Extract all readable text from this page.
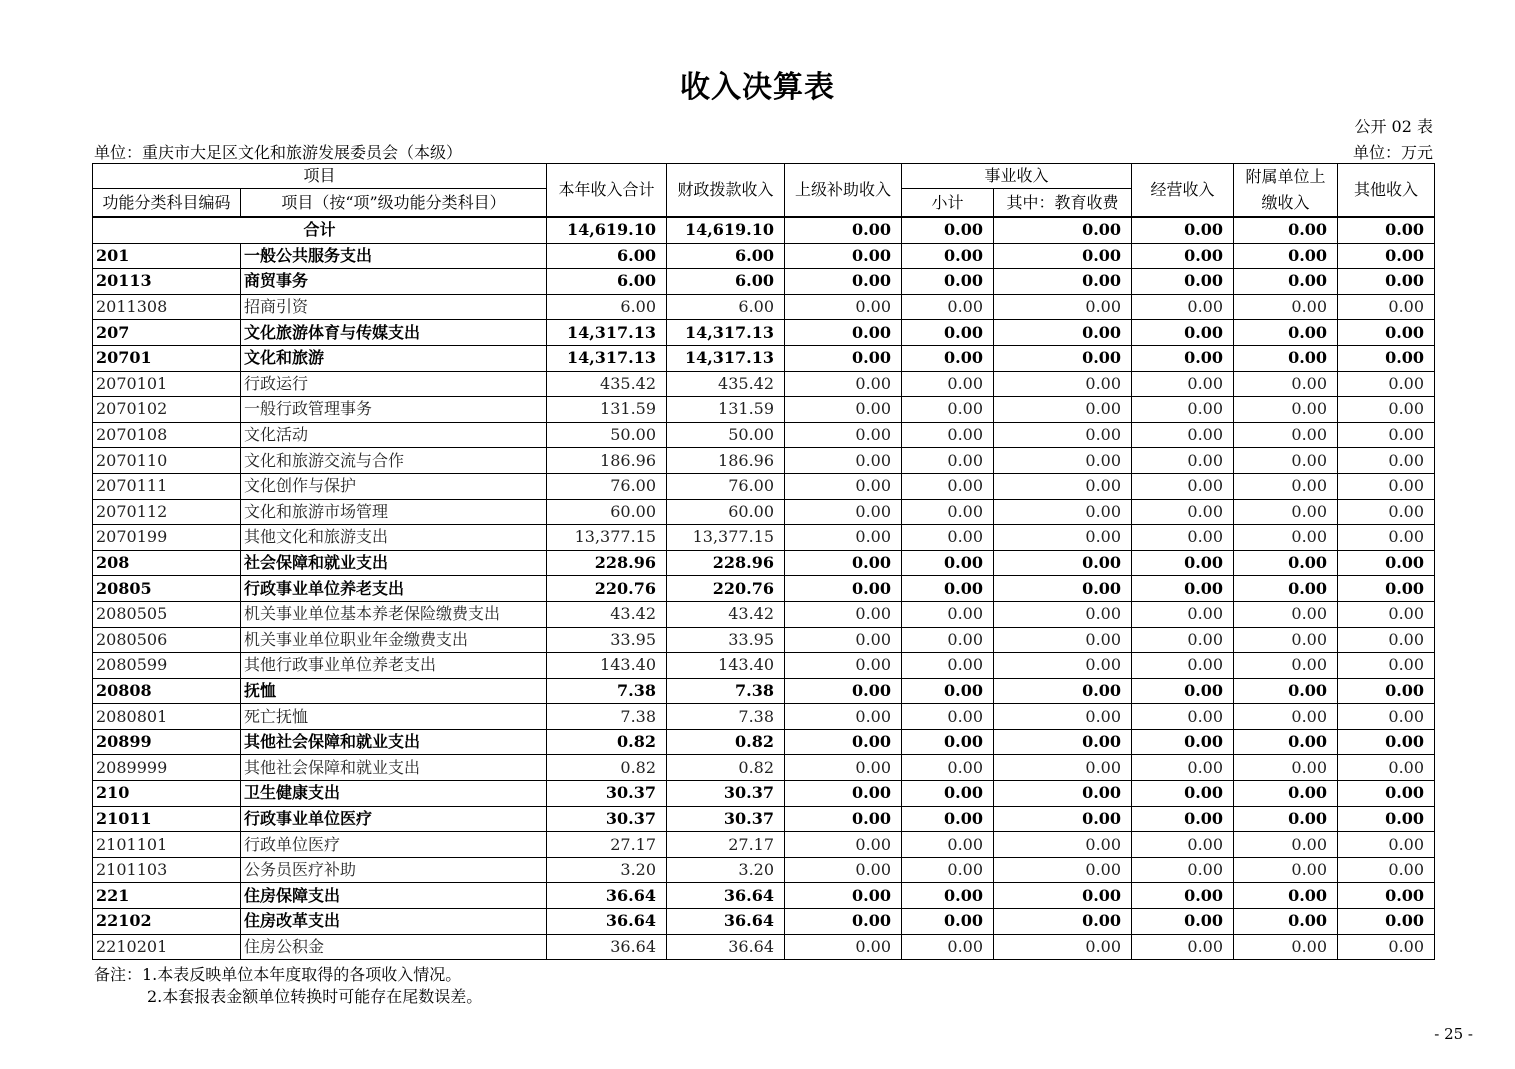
收入决算表
公开 02 表
单位：重庆市大足区文化和旅游发展委员会（本级）	单位：万元
项目		本年收入合计	财政拨款收入	上级补助收入	事业收入		经营收入	附属单位上缴收入	其他收入
功能分类科目编码	项目（按“项”级功能分类科目）				小计	其中：教育收费			
合计		14,619.10	14,619.10	0.00	0.00	0.00	0.00	0.00	0.00
201	一般公共服务支出	6.00	6.00	0.00	0.00	0.00	0.00	0.00	0.00
20113	商贸事务	6.00	6.00	0.00	0.00	0.00	0.00	0.00	0.00
2011308	招商引资	6.00	6.00	0.00	0.00	0.00	0.00	0.00	0.00
207	文化旅游体育与传媒支出	14,317.13	14,317.13	0.00	0.00	0.00	0.00	0.00	0.00
20701	文化和旅游	14,317.13	14,317.13	0.00	0.00	0.00	0.00	0.00	0.00
2070101	行政运行	435.42	435.42	0.00	0.00	0.00	0.00	0.00	0.00
2070102	一般行政管理事务	131.59	131.59	0.00	0.00	0.00	0.00	0.00	0.00
2070108	文化活动	50.00	50.00	0.00	0.00	0.00	0.00	0.00	0.00
2070110	文化和旅游交流与合作	186.96	186.96	0.00	0.00	0.00	0.00	0.00	0.00
2070111	文化创作与保护	76.00	76.00	0.00	0.00	0.00	0.00	0.00	0.00
2070112	文化和旅游市场管理	60.00	60.00	0.00	0.00	0.00	0.00	0.00	0.00
2070199	其他文化和旅游支出	13,377.15	13,377.15	0.00	0.00	0.00	0.00	0.00	0.00
208	社会保障和就业支出	228.96	228.96	0.00	0.00	0.00	0.00	0.00	0.00
20805	行政事业单位养老支出	220.76	220.76	0.00	0.00	0.00	0.00	0.00	0.00
2080505	机关事业单位基本养老保险缴费支出	43.42	43.42	0.00	0.00	0.00	0.00	0.00	0.00
2080506	机关事业单位职业年金缴费支出	33.95	33.95	0.00	0.00	0.00	0.00	0.00	0.00
2080599	其他行政事业单位养老支出	143.40	143.40	0.00	0.00	0.00	0.00	0.00	0.00
20808	抚恤	7.38	7.38	0.00	0.00	0.00	0.00	0.00	0.00
2080801	死亡抚恤	7.38	7.38	0.00	0.00	0.00	0.00	0.00	0.00
20899	其他社会保障和就业支出	0.82	0.82	0.00	0.00	0.00	0.00	0.00	0.00
2089999	其他社会保障和就业支出	0.82	0.82	0.00	0.00	0.00	0.00	0.00	0.00
210	卫生健康支出	30.37	30.37	0.00	0.00	0.00	0.00	0.00	0.00
21011	行政事业单位医疗	30.37	30.37	0.00	0.00	0.00	0.00	0.00	0.00
2101101	行政单位医疗	27.17	27.17	0.00	0.00	0.00	0.00	0.00	0.00
2101103	公务员医疗补助	3.20	3.20	0.00	0.00	0.00	0.00	0.00	0.00
221	住房保障支出	36.64	36.64	0.00	0.00	0.00	0.00	0.00	0.00
22102	住房改革支出	36.64	36.64	0.00	0.00	0.00	0.00	0.00	0.00
2210201	住房公积金	36.64	36.64	0.00	0.00	0.00	0.00	0.00	0.00
备注：1.本表反映单位本年度取得的各项收入情况。
2.本套报表金额单位转换时可能存在尾数误差。
- 25 -
